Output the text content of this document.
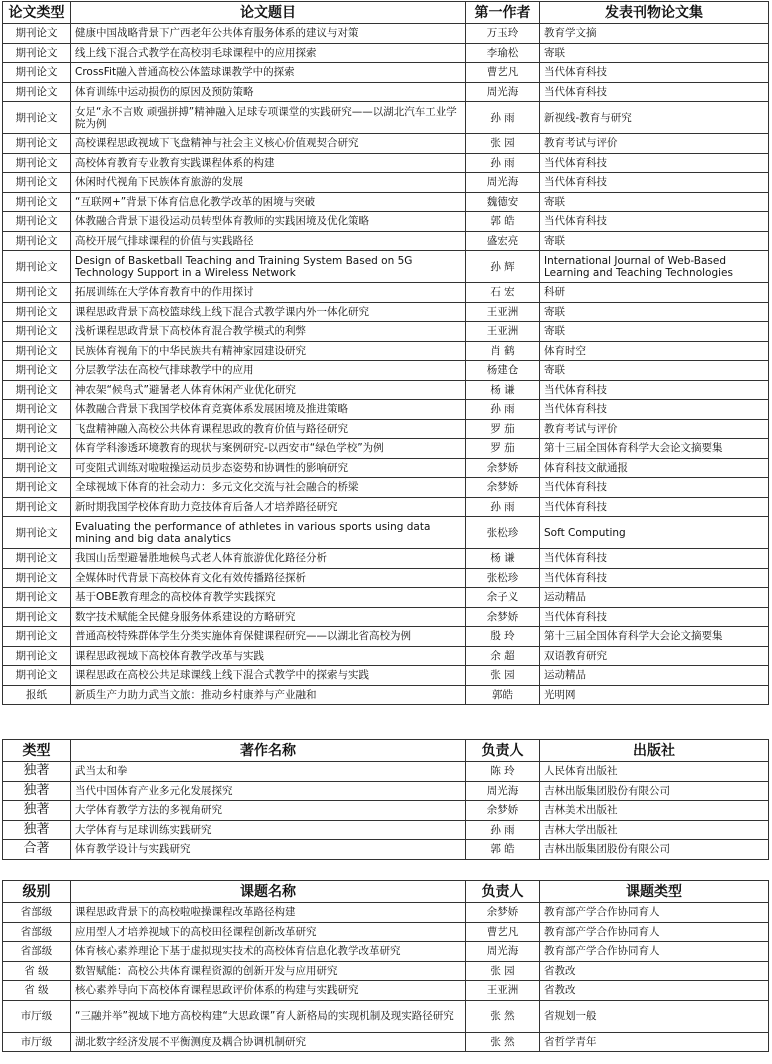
论文类型	论文题目	第一作者	发表刊物论文集
期刊论文	健康中国战略背景下广西老年公共体育服务体系的建议与对策	万玉玲	教育学文摘
期刊论文	线上线下混合式教学在高校羽毛球课程中的应用探索	李瑜松	寄联
期刊论文	CrossFit融入普通高校公体篮球课教学中的探索	曹艺凡	当代体育科技
期刊论文	体育训练中运动损伤的原因及预防策略	周光海	当代体育科技
期刊论文	女足“永不言败 顽强拼搏”精神融入足球专项课堂的实践研究——以湖北汽车工业学院为例	孙 雨	新视线-教育与研究
期刊论文	高校课程思政视域下飞盘精神与社会主义核心价值观契合研究	张 园	教育考试与评价
期刊论文	高校体育教育专业教育实践课程体系的构建	孙 雨	当代体育科技
期刊论文	休闲时代视角下民族体育旅游的发展	周光海	当代体育科技
期刊论文	“互联网+”背景下体育信息化教学改革的困境与突破	魏德安	寄联
期刊论文	体教融合背景下退役运动员转型体育教师的实践困境及优化策略	郭 皓	当代体育科技
期刊论文	高校开展气排球课程的价值与实践路径	盛宏亮	寄联
期刊论文	Design of Basketball Teaching and Training System Based on 5G Technology Support in a Wireless Network	孙 辉	International Journal of Web-Based Learning and Teaching Technologies
期刊论文	拓展训练在大学体育教育中的作用探讨	石 宏	科研
期刊论文	课程思政背景下高校篮球线上线下混合式教学课内外一体化研究	王亚洲	寄联
期刊论文	浅析课程思政背景下高校体育混合教学模式的利弊	王亚洲	寄联
期刊论文	民族体育视角下的中华民族共有精神家园建设研究	肖 鹤	体育时空
期刊论文	分层教学法在高校气排球教学中的应用	杨建仓	寄联
期刊论文	神农架“候鸟式”避暑老人体育休闲产业优化研究	杨 谦	当代体育科技
期刊论文	体教融合背景下我国学校体育竞赛体系发展困境及推进策略	孙 雨	当代体育科技
期刊论文	飞盘精神融入高校公共体育课程思政的教育价值与路径研究	罗 茄	教育考试与评价
期刊论文	体育学科渗透环境教育的现状与案例研究-以西安市“绿色学校”为例	罗 茄	第十三届全国体育科学大会论文摘要集
期刊论文	可变阻式训练对啦啦操运动员步态姿势和协调性的影响研究	余梦娇	体育科技文献通报
期刊论文	全球视域下体育的社会动力：多元文化交流与社会融合的桥梁	余梦娇	当代体育科技
期刊论文	新时期我国学校体育助力竞技体育后备人才培养路径研究	孙 雨	当代体育科技
期刊论文	Evaluating the performance of athletes in various sports using data mining and big data analytics	张松珍	Soft Computing
期刊论文	我国山岳型避暑胜地候鸟式老人体育旅游优化路径分析	杨 谦	当代体育科技
期刊论文	全媒体时代背景下高校体育文化有效传播路径探析	张松珍	当代体育科技
期刊论文	基于OBE教育理念的高校体育教学实践探究	余子义	运动精品
期刊论文	数字技术赋能全民健身服务体系建设的方略研究	余梦娇	当代体育科技
期刊论文	普通高校特殊群体学生分类实施体育保健课程研究——以湖北省高校为例	殷 玲	第十三届全国体育科学大会论文摘要集
期刊论文	课程思政视域下高校体育教学改革与实践	余 超	双语教育研究
期刊论文	课程思政在高校公共足球课线上线下混合式教学中的探索与实践	张 园	运动精品
报纸	新质生产力助力武当文旅：推动乡村康养与产业融和	郭皓	光明网
类型	著作名称	负责人	出版社
独著	武当太和拳	陈 玲	人民体育出版社
独著	当代中国体育产业多元化发展探究	周光海	吉林出版集团股份有限公司
独著	大学体育教学方法的多视角研究	余梦娇	吉林美术出版社
独著	大学体育与足球训练实践研究	孙 雨	吉林大学出版社
合著	体育教学设计与实践研究	郭 皓	吉林出版集团股份有限公司
级别	课题名称	负责人	课题类型
省部级	课程思政背景下的高校啦啦操课程改革路径构建	余梦娇	教育部产学合作协同育人
省部级	应用型人才培养视域下的高校田径课程创新改革研究	曹艺凡	教育部产学合作协同育人
省部级	体育核心素养理论下基于虚拟现实技术的高校体育信息化教学改革研究	周光海	教育部产学合作协同育人
省 级	数智赋能：高校公共体育课程资源的创新开发与应用研究	张 园	省教改
省 级	核心素养导向下高校体育课程思政评价体系的构建与实践研究	王亚洲	省教改
市厅级	“三融并举”视域下地方高校构建“大思政课”育人新格局的实现机制及现实路径研究	张 然	省规划一般
市厅级	湖北数字经济发展不平衡测度及耦合协调机制研究	张 然	省哲学青年
